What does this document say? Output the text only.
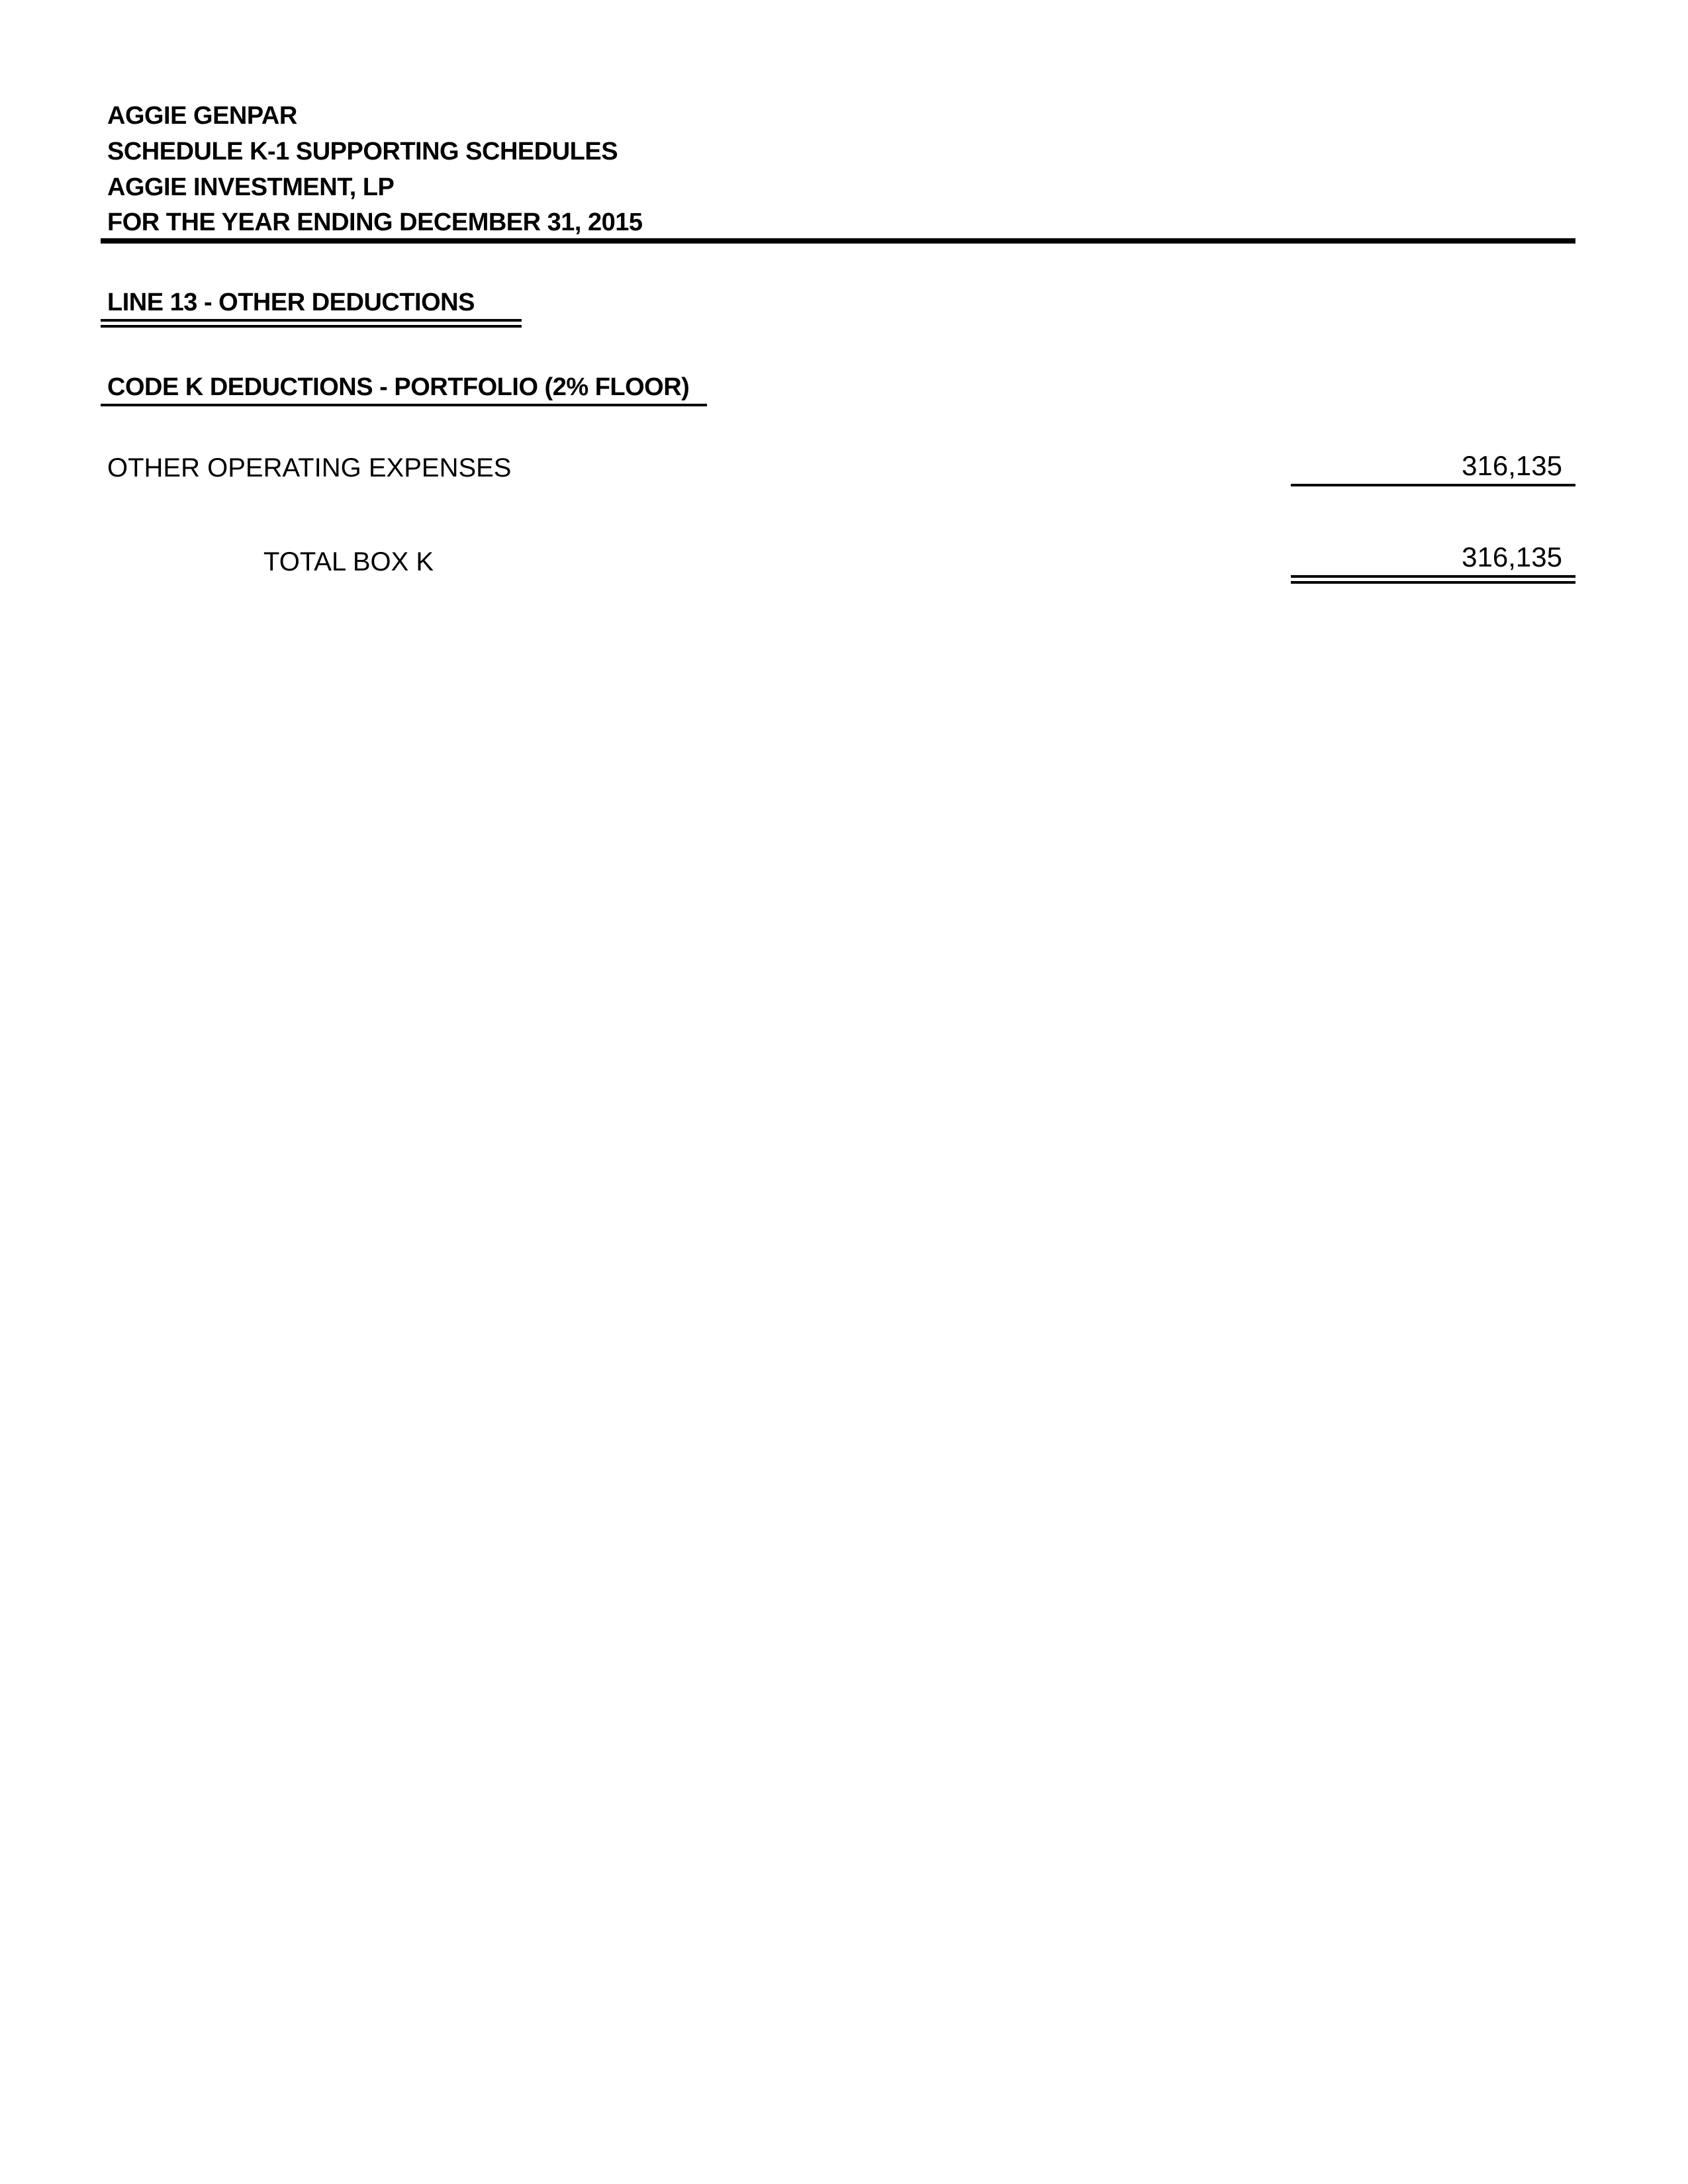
AGGIE GENPAR
SCHEDULE K-1 SUPPORTING SCHEDULES
AGGIE INVESTMENT, LP
FOR THE YEAR ENDING DECEMBER 31, 2015
LINE 13 - OTHER DEDUCTIONS
CODE K DEDUCTIONS - PORTFOLIO (2% FLOOR)
OTHER OPERATING EXPENSES	316,135
TOTAL BOX K	316,135
